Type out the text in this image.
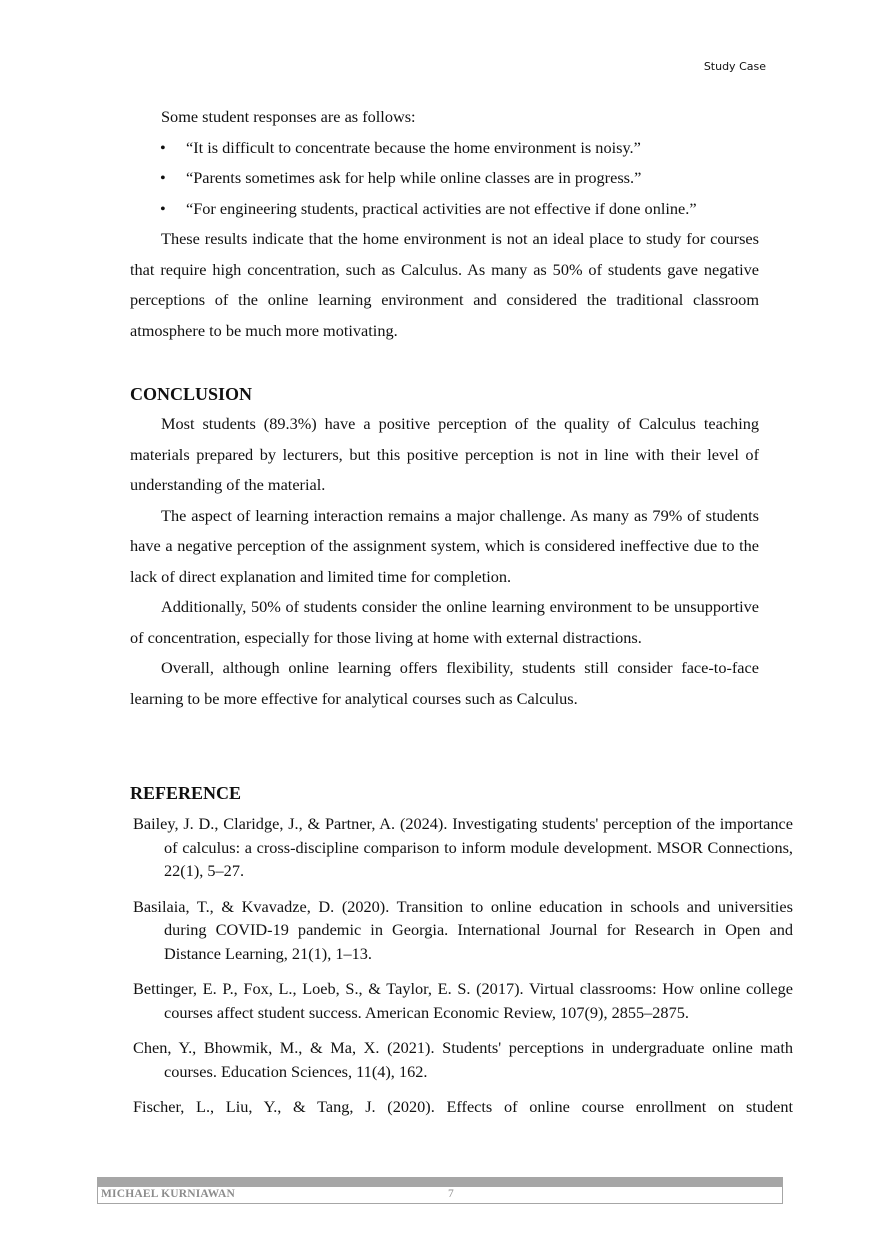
Study Case

Some student responses are as follows:

• “It is difficult to concentrate because the home environment is noisy.”
• “Parents sometimes ask for help while online classes are in progress.”
• “For engineering students, practical activities are not effective if done online.”

These results indicate that the home environment is not an ideal place to study for courses that require high concentration, such as Calculus. As many as 50% of students gave negative perceptions of the online learning environment and considered the traditional classroom atmosphere to be much more motivating.

CONCLUSION

Most students (89.3%) have a positive perception of the quality of Calculus teaching materials prepared by lecturers, but this positive perception is not in line with their level of understanding of the material.

The aspect of learning interaction remains a major challenge. As many as 79% of students have a negative perception of the assignment system, which is considered ineffective due to the lack of direct explanation and limited time for completion.

Additionally, 50% of students consider the online learning environment to be unsupportive of concentration, especially for those living at home with external distractions.

Overall, although online learning offers flexibility, students still consider face-to-face learning to be more effective for analytical courses such as Calculus.

REFERENCE

Bailey, J. D., Claridge, J., & Partner, A. (2024). Investigating students' perception of the importance of calculus: a cross-discipline comparison to inform module development. MSOR Connections, 22(1), 5–27.

Basilaia, T., & Kvavadze, D. (2020). Transition to online education in schools and universities during COVID-19 pandemic in Georgia. International Journal for Research in Open and Distance Learning, 21(1), 1–13.

Bettinger, E. P., Fox, L., Loeb, S., & Taylor, E. S. (2017). Virtual classrooms: How online college courses affect student success. American Economic Review, 107(9), 2855–2875.

Chen, Y., Bhowmik, M., & Ma, X. (2021). Students' perceptions in undergraduate online math courses. Education Sciences, 11(4), 162.

Fischer, L., Liu, Y., & Tang, J. (2020). Effects of online course enrollment on student

MICHAEL KURNIAWAN	7
